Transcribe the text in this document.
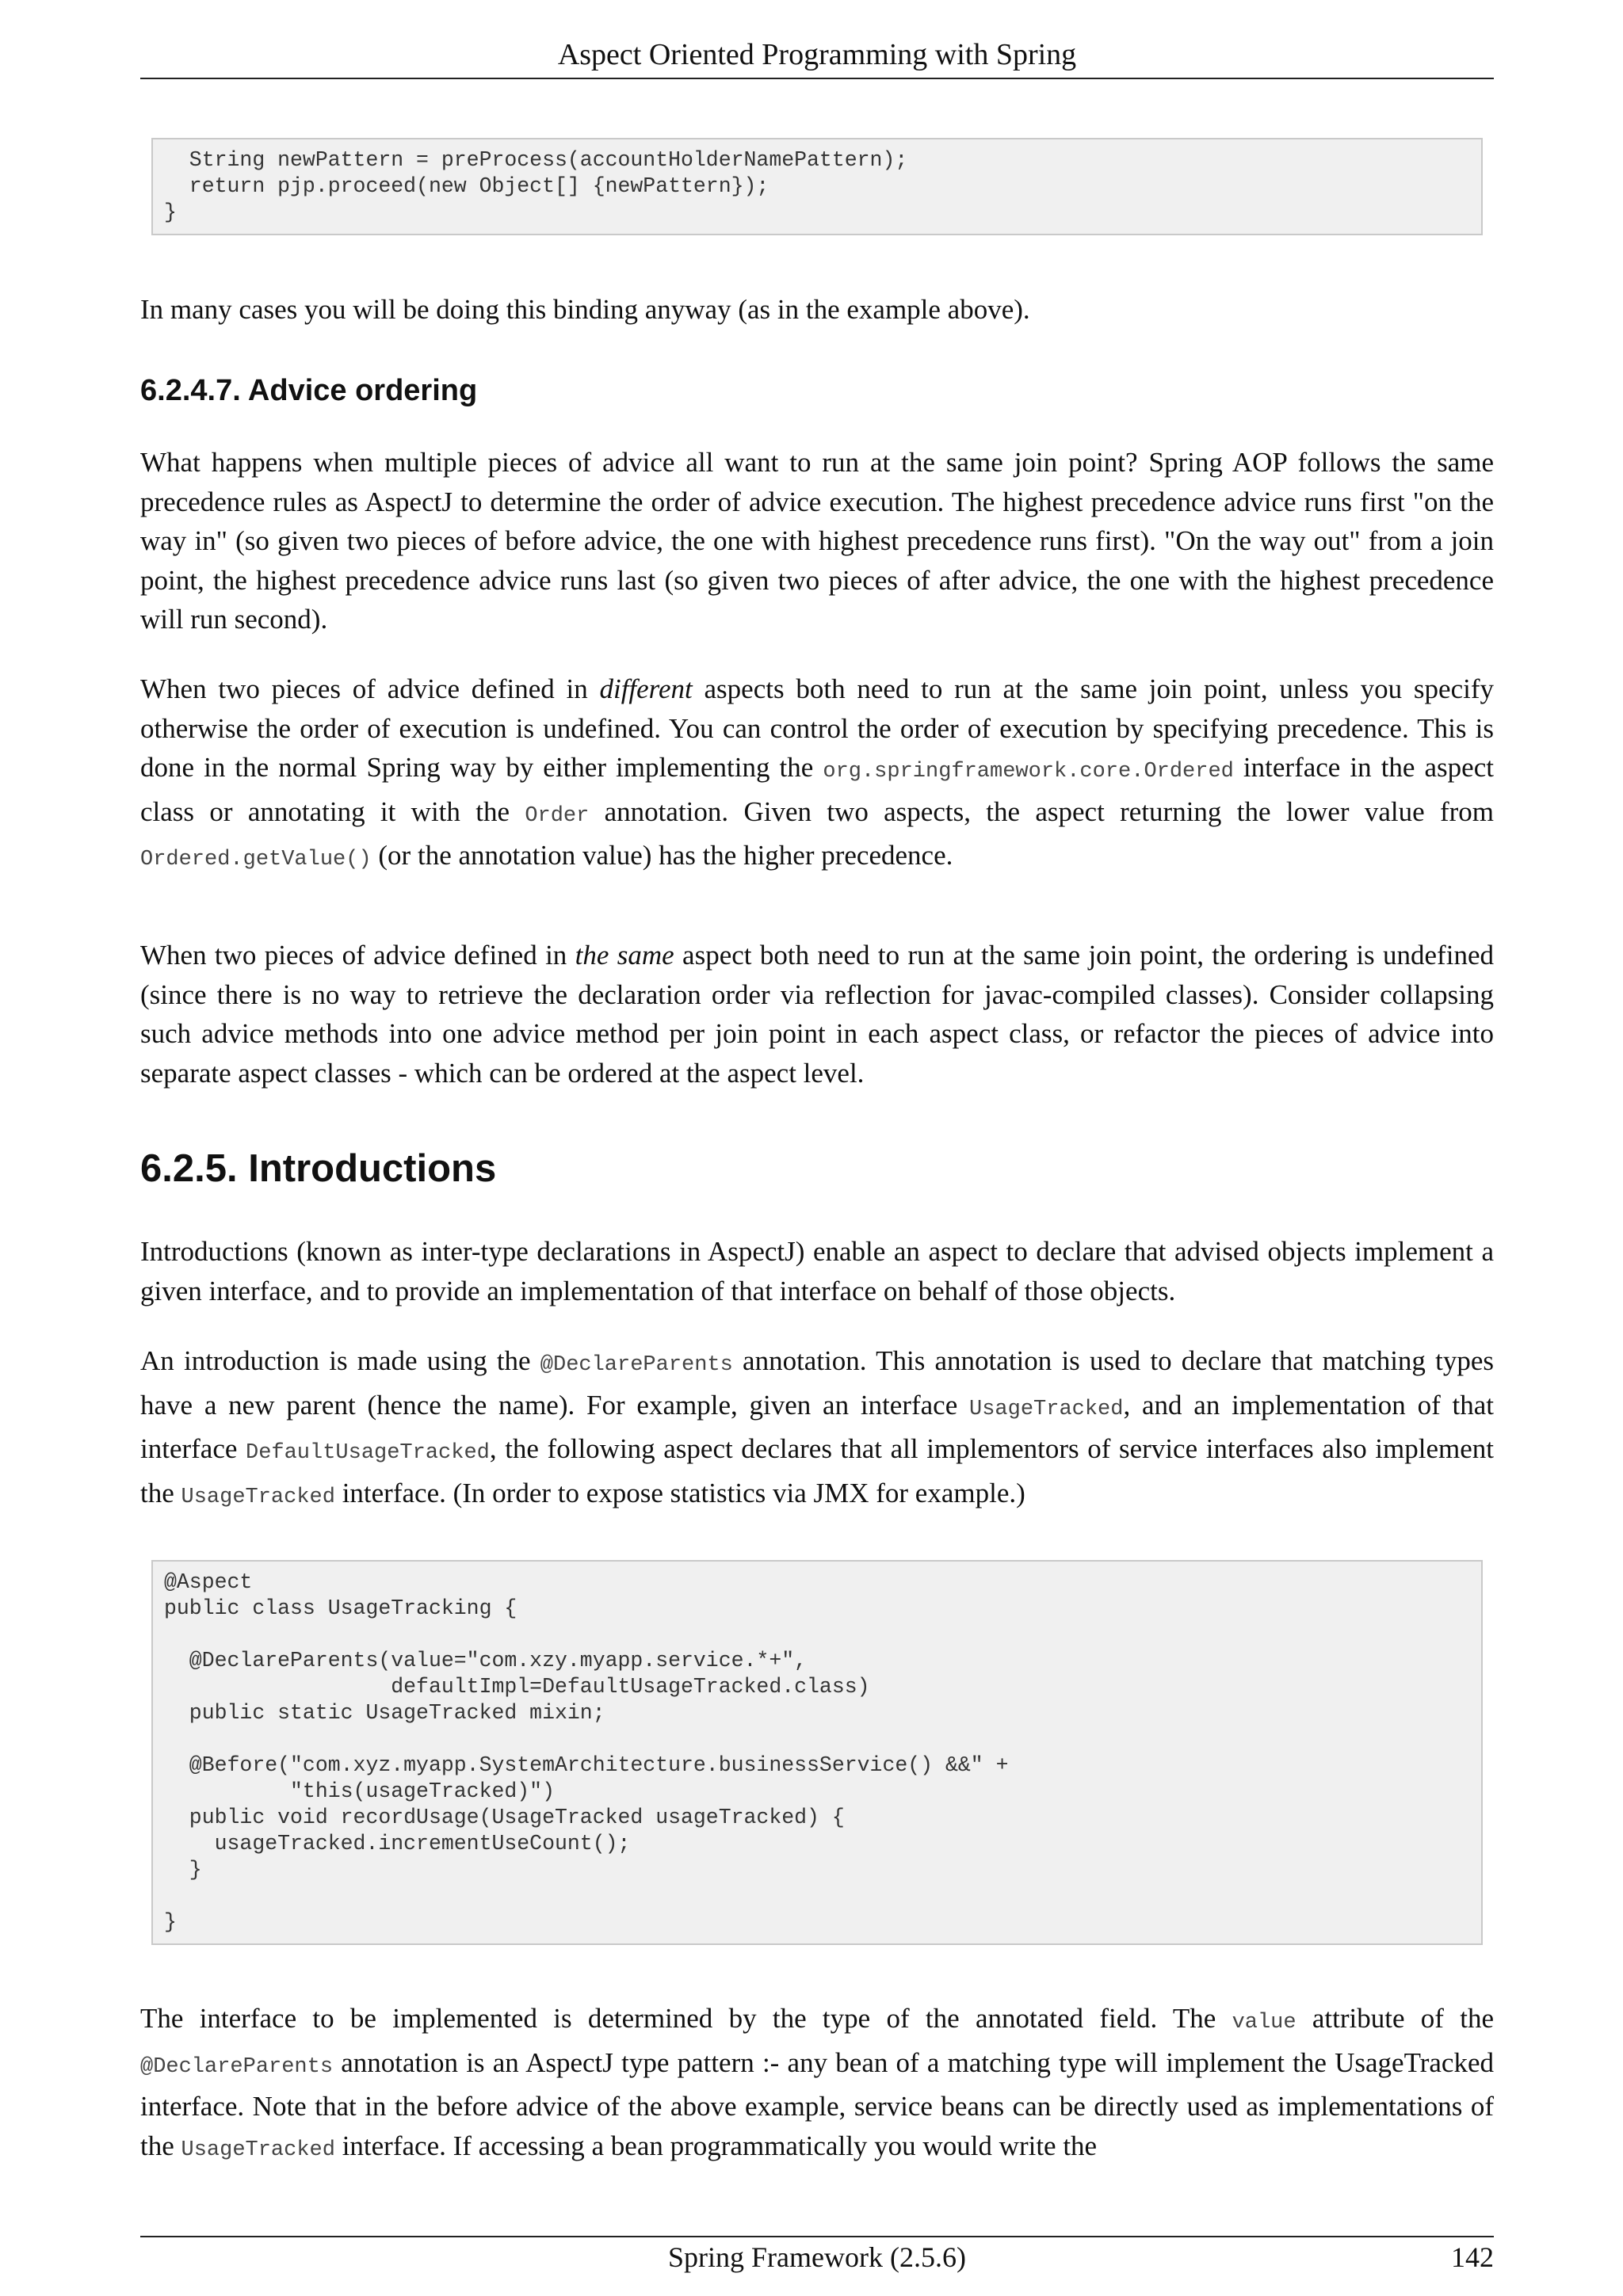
Aspect Oriented Programming with Spring
String newPattern = preProcess(accountHolderNamePattern);
return pjp.proceed(new Object[] {newPattern});
}

In many cases you will be doing this binding anyway (as in the example above).

6.2.4.7. Advice ordering

What happens when multiple pieces of advice all want to run at the same join point? Spring AOP follows the same precedence rules as AspectJ to determine the order of advice execution. The highest precedence advice runs first "on the way in" (so given two pieces of before advice, the one with highest precedence runs first). "On the way out" from a join point, the highest precedence advice runs last (so given two pieces of after advice, the one with the highest precedence will run second).

When two pieces of advice defined in different aspects both need to run at the same join point, unless you specify otherwise the order of execution is undefined. You can control the order of execution by specifying precedence. This is done in the normal Spring way by either implementing the org.springframework.core.Ordered interface in the aspect class or annotating it with the Order annotation. Given two aspects, the aspect returning the lower value from Ordered.getValue() (or the annotation value) has the higher precedence.

When two pieces of advice defined in the same aspect both need to run at the same join point, the ordering is undefined (since there is no way to retrieve the declaration order via reflection for javac-compiled classes). Consider collapsing such advice methods into one advice method per join point in each aspect class, or refactor the pieces of advice into separate aspect classes - which can be ordered at the aspect level.

6.2.5. Introductions

Introductions (known as inter-type declarations in AspectJ) enable an aspect to declare that advised objects implement a given interface, and to provide an implementation of that interface on behalf of those objects.

An introduction is made using the @DeclareParents annotation. This annotation is used to declare that matching types have a new parent (hence the name). For example, given an interface UsageTracked, and an implementation of that interface DefaultUsageTracked, the following aspect declares that all implementors of service interfaces also implement the UsageTracked interface. (In order to expose statistics via JMX for example.)

@Aspect
public class UsageTracking {
@DeclareParents(value="com.xzy.myapp.service.*+",
defaultImpl=DefaultUsageTracked.class)
public static UsageTracked mixin;
@Before("com.xyz.myapp.SystemArchitecture.businessService() &&" +
"this(usageTracked)")
public void recordUsage(UsageTracked usageTracked) {
usageTracked.incrementUseCount();
}
}

The interface to be implemented is determined by the type of the annotated field. The value attribute of the @DeclareParents annotation is an AspectJ type pattern :- any bean of a matching type will implement the UsageTracked interface. Note that in the before advice of the above example, service beans can be directly used as implementations of the UsageTracked interface. If accessing a bean programmatically you would write the

Spring Framework (2.5.6)	142
